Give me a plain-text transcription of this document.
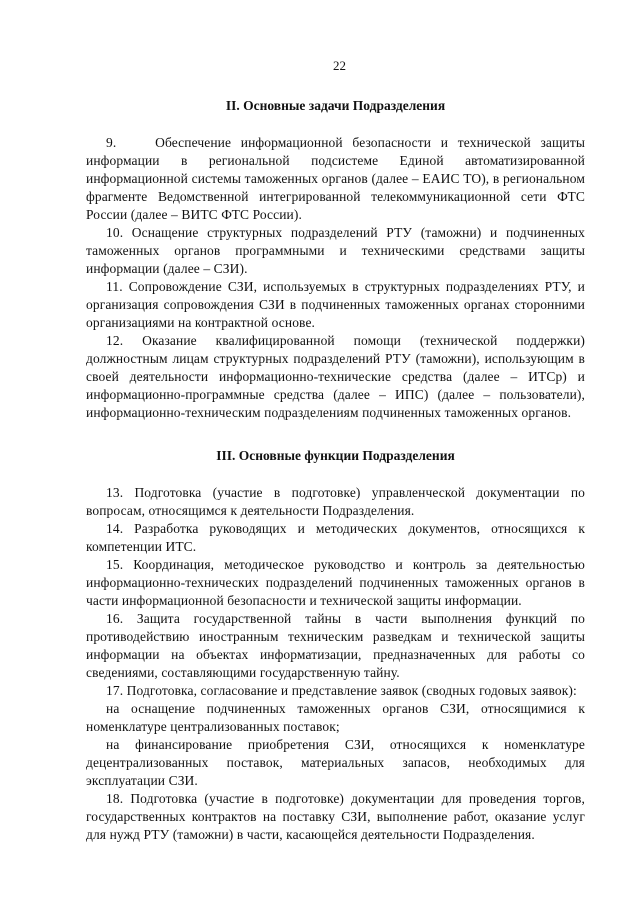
22
II. Основные задачи Подразделения

9.    Обеспечение информационной безопасности и технической защиты информации в региональной подсистеме Единой автоматизированной информационной системы таможенных органов (далее – ЕАИС ТО), в региональном фрагменте Ведомственной интегрированной телекоммуникационной сети ФТС России (далее – ВИТС ФТС России).

10. Оснащение структурных подразделений РТУ (таможни) и подчиненных таможенных органов программными и техническими средствами защиты информации (далее – СЗИ).

11. Сопровождение СЗИ, используемых в структурных подразделениях РТУ, и организация сопровождения СЗИ в подчиненных таможенных органах сторонними организациями на контрактной основе.

12. Оказание квалифицированной помощи (технической поддержки) должностным лицам структурных подразделений РТУ (таможни), использующим в своей деятельности информационно-технические средства (далее – ИТСр) и информационно-программные средства (далее – ИПС) (далее – пользователи), информационно-техническим подразделениям подчиненных таможенных органов.

III. Основные функции Подразделения

13. Подготовка (участие в подготовке) управленческой документации по вопросам, относящимся к деятельности Подразделения.

14. Разработка руководящих и методических документов, относящихся к компетенции ИТС.

15. Координация, методическое руководство и контроль за деятельностью информационно-технических подразделений подчиненных таможенных органов в части информационной безопасности и технической защиты информации.

16. Защита государственной тайны в части выполнения функций по противодействию иностранным техническим разведкам и технической защиты информации на объектах информатизации, предназначенных для работы со сведениями, составляющими государственную тайну.

17. Подготовка, согласование и представление заявок (сводных годовых заявок):

на оснащение подчиненных таможенных органов СЗИ, относящимися к номенклатуре централизованных поставок;

на финансирование приобретения СЗИ, относящихся к номенклатуре децентрализованных поставок, материальных запасов, необходимых для эксплуатации СЗИ.

18. Подготовка (участие в подготовке) документации для проведения торгов, государственных контрактов на поставку СЗИ, выполнение работ, оказание услуг для нужд РТУ (таможни) в части, касающейся деятельности Подразделения.
